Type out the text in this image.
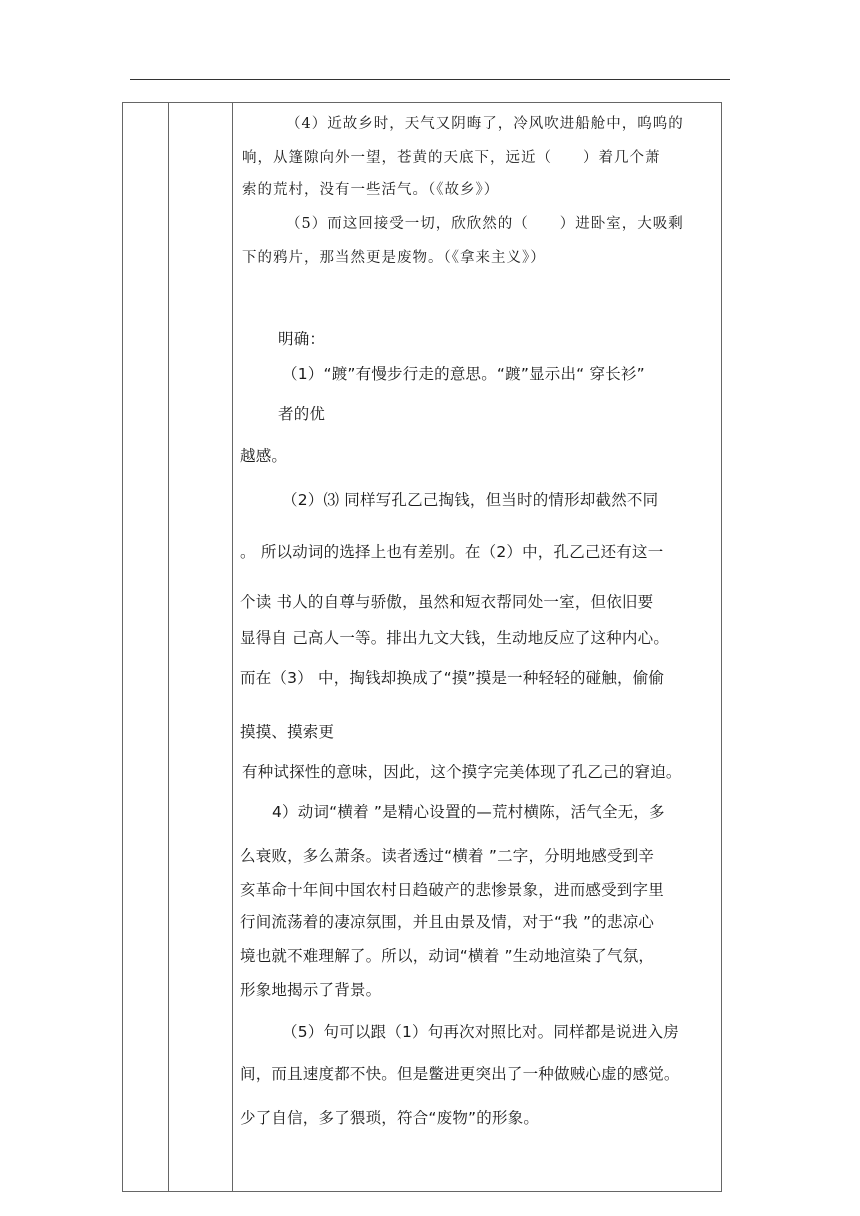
（4）近故乡时，天气又阴晦了，冷风吹进船舱中，呜呜的
响，从篷隙向外一望，苍黄的天底下，远近（　　）着几个萧
索的荒村，没有一些活气。（《故乡》）
（5）而这回接受一切，欣欣然的（　　）进卧室，大吸剩
下的鸦片，那当然更是废物。（《拿来主义》）
明确：
（1）“踱”有慢步行走的意思。“踱”显示出“ 穿长衫”
者的优
越感。
（2）⑶ 同样写孔乙己掏钱，但当时的情形却截然不同
。 所以动词的选择上也有差别。在（2）中，孔乙己还有这一
个读 书人的自尊与骄傲，虽然和短衣帮同处一室，但依旧要
显得自 己高人一等。排出九文大钱，生动地反应了这种内心。
而在（3） 中，掏钱却换成了“摸”摸是一种轻轻的碰触，偷偷
摸摸、摸索更
有种试探性的意味，因此，这个摸字完美体现了孔乙己的窘迫。
4）动词“横着 ”是精心设置的—荒村横陈，活气全无，多
么衰败，多么萧条。读者透过“横着 ”二字，分明地感受到辛
亥革命十年间中国农村日趋破产的悲惨景象，进而感受到字里
行间流荡着的凄凉氛围，并且由景及情，对于“我 ”的悲凉心
境也就不难理解了。所以，动词“横着 ”生动地渲染了气氛，
形象地揭示了背景。
（5）句可以跟（1）句再次对照比对。同样都是说进入房
间，而且速度都不快。但是鳖进更突出了一种做贼心虚的感觉。
少了自信，多了猥琐，符合“废物”的形象。
